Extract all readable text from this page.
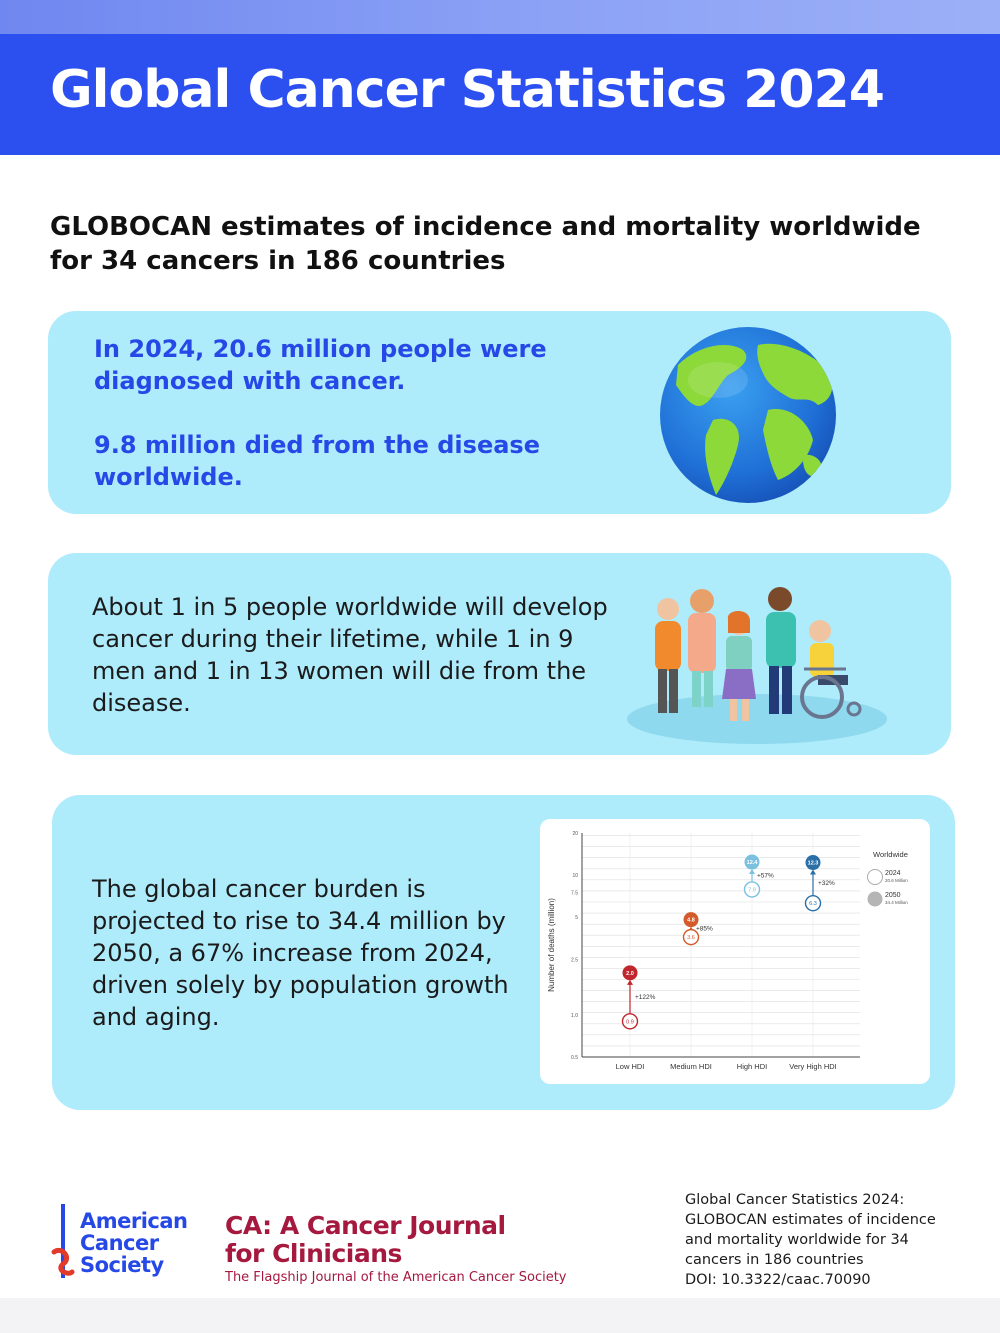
Global Cancer Statistics 2024
GLOBOCAN estimates of incidence and mortality worldwide for 34 cancers in 186 countries
In 2024, 20.6 million people were diagnosed with cancer.
9.8 million died from the disease worldwide.
About 1 in 5 people worldwide will develop cancer during their lifetime, while 1 in 9 men and 1 in 13 women will die from the disease.
The global cancer burden is projected to rise to 34.4 million by 2050, a 67% increase from 2024, driven solely by population growth and aging.
Number of deaths (million)
20
10
7.5
5
2.5
1.0
0.5
Low HDI	Medium HDI	High HDI	Very High HDI
0.9
2.0
+122%
3.6
4.8
+85%
7.9
12.4
+57%
6.3
12.3
+32%
Worldwide
2024
20.6 Million
2050
34.4 Million
American
Cancer
Society
CA: A Cancer Journal
for Clinicians
The Flagship Journal of the American Cancer Society
Global Cancer Statistics 2024:
GLOBOCAN estimates of incidence
and mortality worldwide for 34
cancers in 186 countries
DOI: 10.3322/caac.70090
